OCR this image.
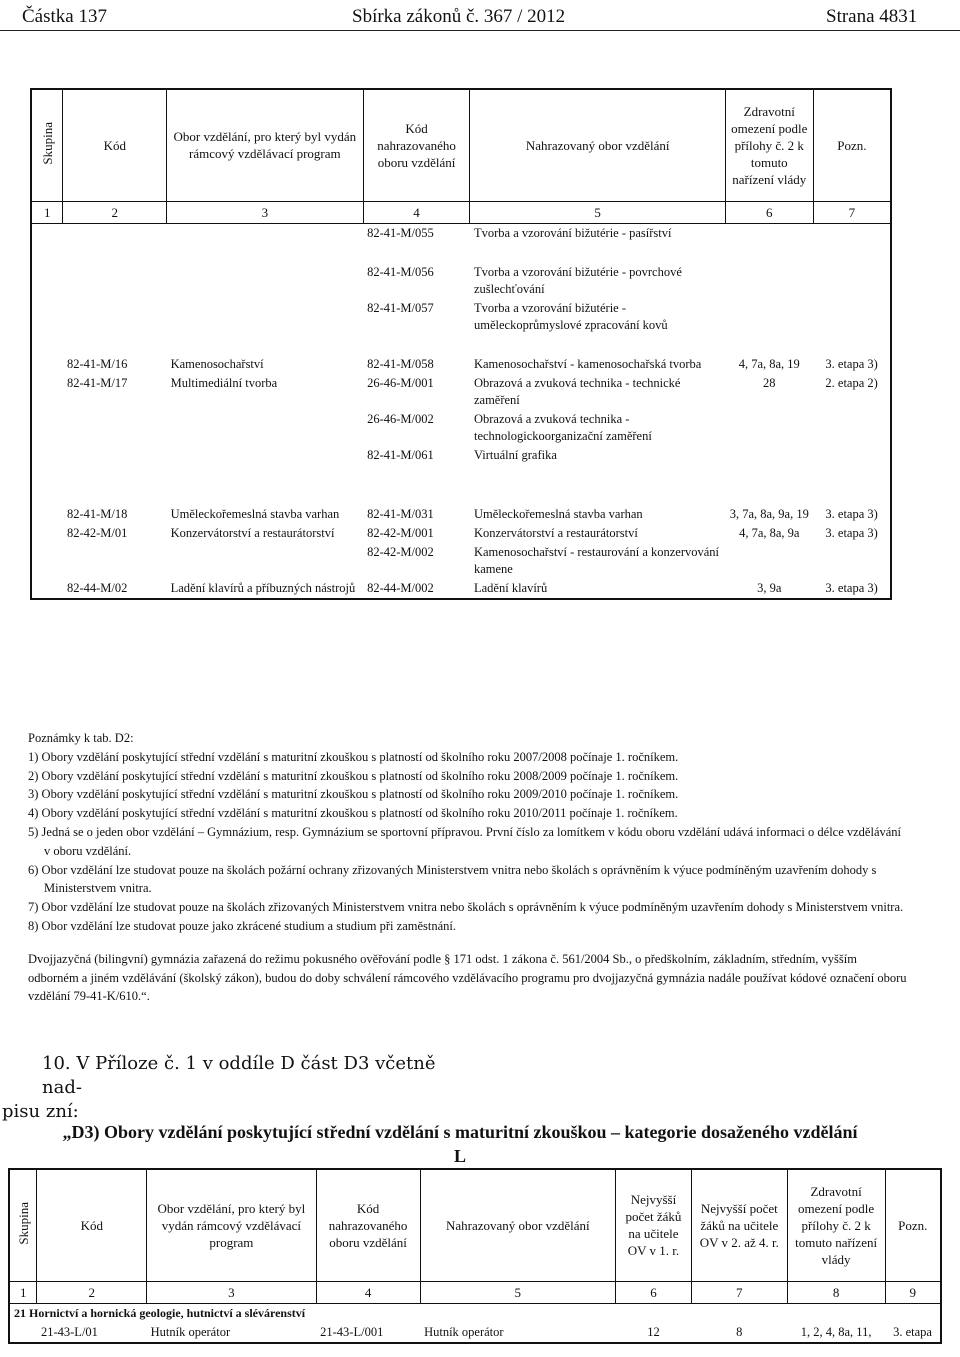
Částka 137	Sbírka zákonů č. 367 / 2012	Strana 4831
Skupina	Kód	Obor vzdělání, pro který byl vydán rámcový vzdělávací program	Kód nahrazovaného oboru vzdělání	Nahrazovaný obor vzdělání	Zdravotní omezení podle přílohy č. 2 k tomuto nařízení vlády	Pozn.
1	2	3	4	5	6	7
			82-41-M/055	Tvorba a vzorování bižutérie - pasířství		

			82-41-M/056	Tvorba a vzorování bižutérie - povrchové zušlechťování		
			82-41-M/057	Tvorba a vzorování bižutérie - uměleckoprůmyslové zpracování kovů		

	82-41-M/16	Kamenosochařství	82-41-M/058	Kamenosochařství - kamenosochařská tvorba	4, 7a, 8a, 19	3. etapa 3)
	82-41-M/17	Multimediální tvorba	26-46-M/001	Obrazová a zvuková technika - technické zaměření	28	2. etapa 2)
			26-46-M/002	Obrazová a zvuková technika - technologickoorganizační zaměření		
			82-41-M/061	Virtuální grafika		

	82-41-M/18	Uměleckořemeslná stavba varhan	82-41-M/031	Uměleckořemeslná stavba varhan	3, 7a, 8a, 9a, 19	3. etapa 3)
	82-42-M/01	Konzervátorství a restaurátorství	82-42-M/001	Konzervátorství a restaurátorství	4, 7a, 8a, 9a	3. etapa 3)
			82-42-M/002	Kamenosochařství - restaurování a konzervování kamene		
	82-44-M/02	Ladění klavírů a příbuzných nástrojů	82-44-M/002	Ladění klavírů	3, 9a	3. etapa 3)

Poznámky k tab. D2:

1) Obory vzdělání poskytující střední vzdělání s maturitní zkouškou s platností od školního roku 2007/2008 počínaje 1. ročníkem.

2) Obory vzdělání poskytující střední vzdělání s maturitní zkouškou s platností od školního roku 2008/2009 počínaje 1. ročníkem.

3) Obory vzdělání poskytující střední vzdělání s maturitní zkouškou s platností od školního roku 2009/2010 počínaje 1. ročníkem.

4) Obory vzdělání poskytující střední vzdělání s maturitní zkouškou s platností od školního roku 2010/2011 počínaje 1. ročníkem.

5) Jedná se o jeden obor vzdělání – Gymnázium, resp. Gymnázium se sportovní přípravou. První číslo za lomítkem v kódu oboru vzdělání udává informaci o délce vzdělávání v oboru vzdělání.

6) Obor vzdělání lze studovat pouze na školách požární ochrany zřizovaných Ministerstvem vnitra nebo školách s oprávněním k výuce podmíněným uzavřením dohody s Ministerstvem vnitra.

7) Obor vzdělání lze studovat pouze na školách zřizovaných Ministerstvem vnitra nebo školách s oprávněním k výuce podmíněným uzavřením dohody s Ministerstvem vnitra.

8) Obor vzdělání lze studovat pouze jako zkrácené studium a studium při zaměstnání.

Dvojjazyčná (bilingvní) gymnázia zařazená do režimu pokusného ověřování podle § 171 odst. 1 zákona č. 561/2004 Sb., o předškolním, základním, středním, vyšším odborném a jiném vzdělávání (školský zákon), budou do doby schválení rámcového vzdělávacího programu pro dvojjazyčná gymnázia nadále používat kódové označení oboru vzdělání 79-41-K/610.“.

10. V Příloze č. 1 v oddíle D část D3 včetně nad-
pisu zní:
„D3) Obory vzdělání poskytující střední vzdělání s maturitní zkouškou – kategorie dosaženého vzdělání L
Skupina	Kód	Obor vzdělání, pro který byl vydán rámcový vzdělávací program	Kód nahrazovaného oboru vzdělání	Nahrazovaný obor vzdělání	Nejvyšší počet žáků na učitele OV v 1. r.	Nejvyšší počet žáků na učitele OV v 2. až 4. r.	Zdravotní omezení podle přílohy č. 2 k tomuto nařízení vlády	Pozn.
1	2	3	4	5	6	7	8	9
21 Hornictví a hornická geologie, hutnictví a slévárenství								
	21-43-L/01	Hutník operátor	21-43-L/001	Hutník operátor	12	8	1, 2, 4, 8a, 11,	3. etapa
